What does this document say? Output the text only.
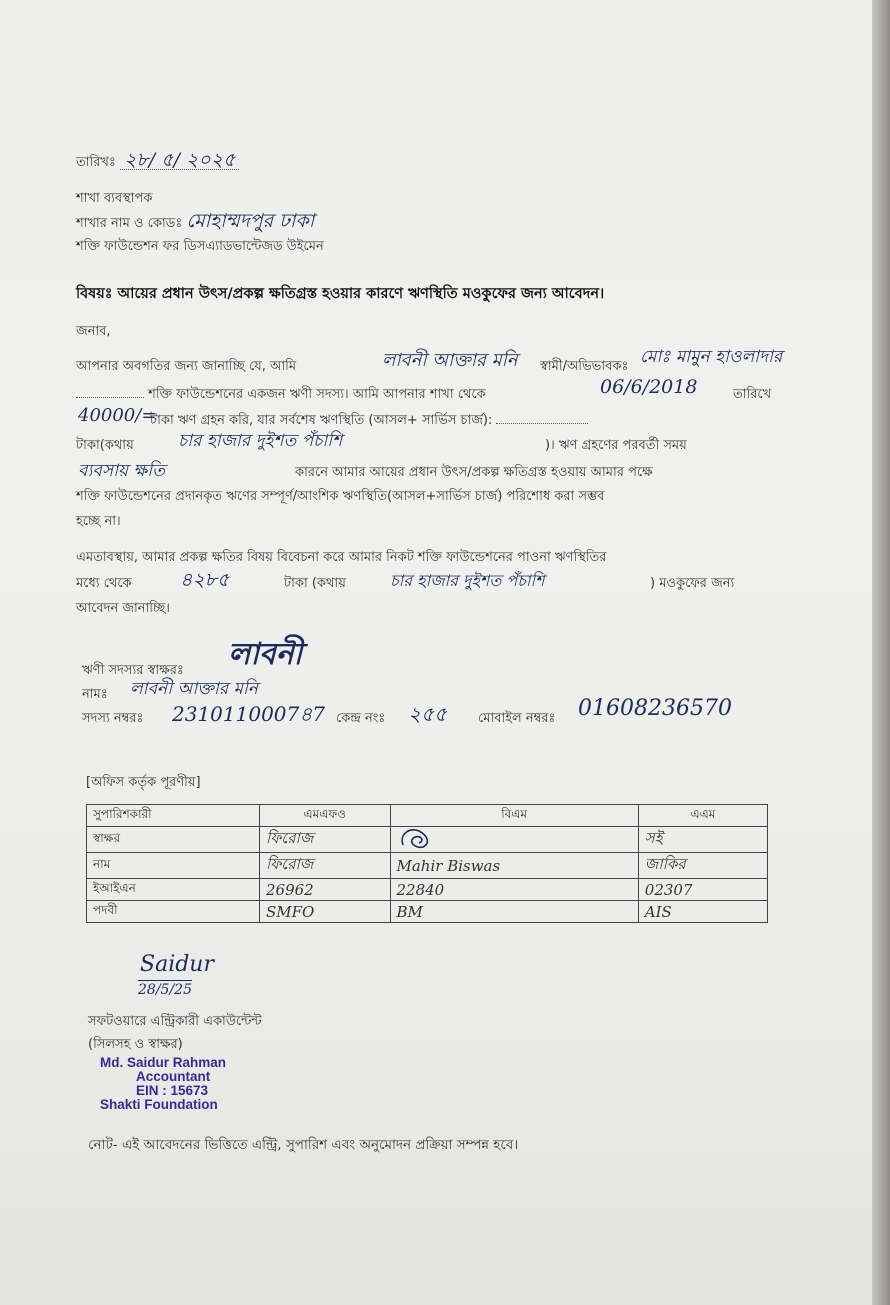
তারিখঃ ২৮/ ৫/ ২০২৫
শাখা ব্যবস্থাপক
শাখার নাম ও কোডঃ মোহাম্মদপুর ঢাকা
শক্তি ফাউন্ডেশন ফর ডিসএ্যাডভান্টেজড উইমেন
বিষয়ঃ আয়ের প্রধান উৎস/প্রকল্প ক্ষতিগ্রস্ত হওয়ার কারণে ঋণস্থিতি মওকুফের জন্য আবেদন।
জনাব,
আপনার অবগতির জন্য জানাচ্ছি যে, আমি	লাবনী আক্তার মনি স্বামী/অভিভাবকঃ মোঃ মামুন হাওলাদার
শক্তি ফাউন্ডেশনের একজন ঋণী সদস্য। আমি আপনার শাখা থেকে	06/6/2018	তারিখে
40000/=
টাকা ঋণ গ্রহন করি, যার সর্বশেষ ঋণস্থিতি (আসল+ সার্ভিস চার্জ):
টাকা(কথায়	চার হাজার দুইশত পঁচাশি	)। ঋণ গ্রহণের পরবর্তী সময়
ব্যবসায় ক্ষতি	কারনে আমার আয়ের প্রধান উৎস/প্রকল্প ক্ষতিগ্রস্ত হওয়ায় আমার পক্ষে
শক্তি ফাউন্ডেশনের প্রদানকৃত ঋণের সম্পূর্ণ/আংশিক ঋণস্থিতি(আসল+সার্ভিস চার্জ) পরিশোধ করা সম্ভব
হচ্ছে না।
এমতাবস্থায়, আমার প্রকল্প ক্ষতির বিষয় বিবেচনা করে আমার নিকট শক্তি ফাউন্ডেশনের পাওনা ঋণস্থিতির
মধ্যে থেকে	৪২৮৫	টাকা (কথায়	চার হাজার দুইশত পঁচাশি	) মওকুফের জন্য
আবেদন জানাচ্ছি।
ঋণী সদস্যর স্বাক্ষরঃ লাবনী
নামঃ লাবনী আক্তার মনি
সদস্য নম্বরঃ 2310110007৪7 কেন্দ্র নংঃ ২৫৫ মোবাইল নম্বরঃ 01608236570
[অফিস কর্তৃক পূরণীয়]
সুপারিশকারী	এমএফও	বিএম	এএম
স্বাক্ষর	ফিরোজ		সই
নাম	ফিরোজ	Mahir Biswas	জাকির
ইআইএন	26962	22840	02307
পদবী	SMFO	BM	AIS
Saidur
28/5/25
সফটওয়ারে এন্ট্রিকারী একাউন্টেন্ট
(সিলসহ ও স্বাক্ষর)
Md. Saidur Rahman
Accountant
EIN : 15673
Shakti Foundation
নোট- এই আবেদনের ভিত্তিতে এন্ট্রি, সুপারিশ এবং অনুমোদন প্রক্রিয়া সম্পন্ন হবে।
